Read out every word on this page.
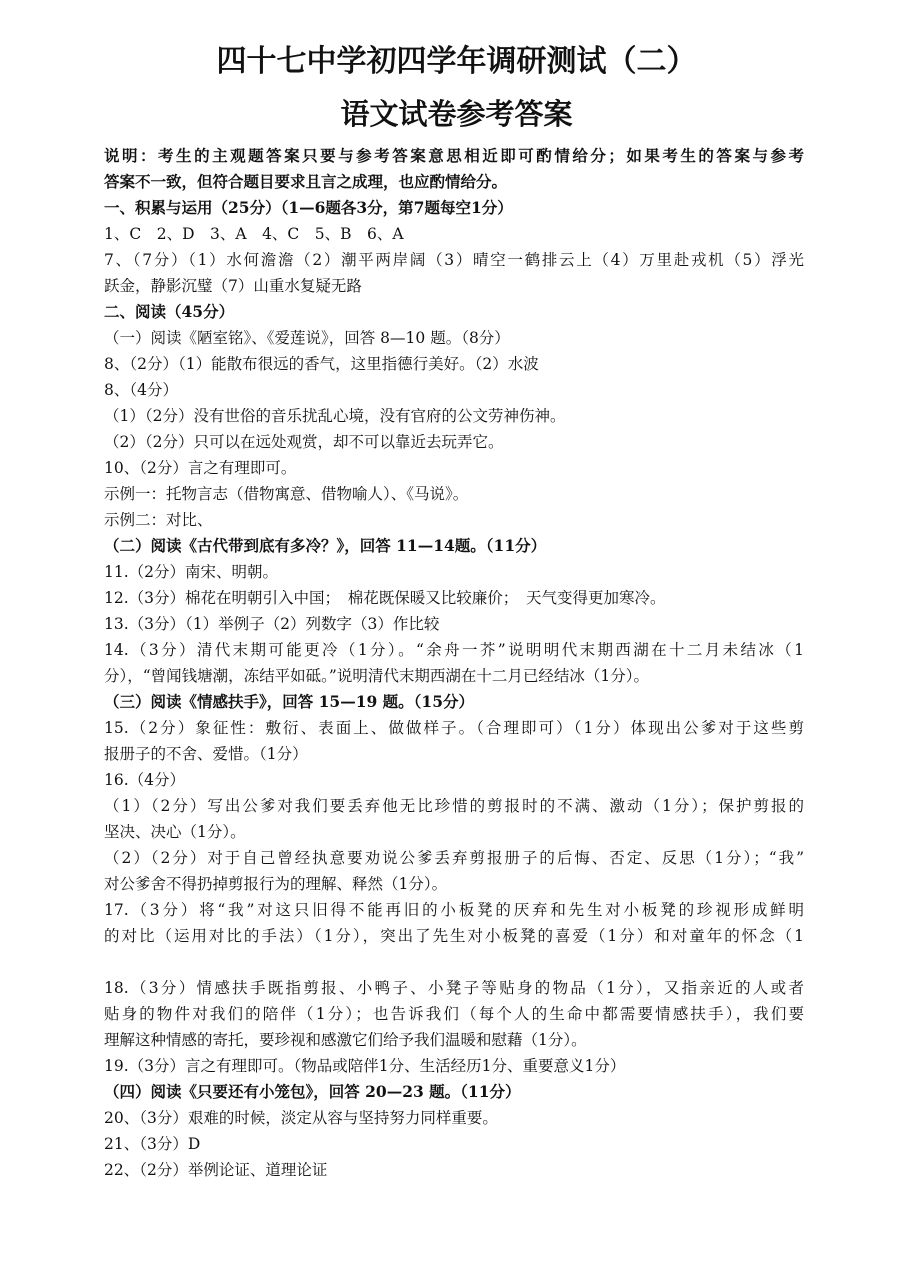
四十七中学初四学年调研测试（二）
语文试卷参考答案
说明：考生的主观题答案只要与参考答案意思相近即可酌情给分；如果考生的答案与参考
答案不一致，但符合题目要求且言之成理，也应酌情给分。
一、积累与运用（25分）（1—6题各3分，第7题每空1分）
1、C　2、D　3、A　4、C　5、B　6、A
7、（7分）（1）水何澹澹（2）潮平两岸阔（3）晴空一鹤排云上（4）万里赴戎机（5）浮光
跃金，静影沉璧（7）山重水复疑无路
二、阅读（45分）
（一）阅读《陋室铭》、《爱莲说》，回答 8—10 题。（8分）
8、（2分）（1）能散布很远的香气，这里指德行美好。（2）水波
8、（4分）
（1）（2分）没有世俗的音乐扰乱心境，没有官府的公文劳神伤神。
（2）（2分）只可以在远处观赏，却不可以靠近去玩弄它。
10、（2分）言之有理即可。
示例一：托物言志（借物寓意、借物喻人）、《马说》。
示例二：对比、
（二）阅读《古代带到底有多冷？》，回答 11—14题。（11分）
11.（2分）南宋、明朝。
12.（3分）棉花在明朝引入中国；　棉花既保暖又比较廉价；　天气变得更加寒冷。
13.（3分）（1）举例子（2）列数字（3）作比较
14.（3分）清代末期可能更冷（1分）。“余舟一芥”说明明代末期西湖在十二月未结冰（1
分），“曾闻钱塘潮，冻结平如砥。”说明清代末期西湖在十二月已经结冰（1分）。
（三）阅读《情感扶手》，回答 15—19 题。（15分）
15.（2分）象征性：敷衍、表面上、做做样子。（合理即可）（1分）体现出公爹对于这些剪
报册子的不舍、爱惜。（1分）
16.（4分）
（1）（2分）写出公爹对我们要丢弃他无比珍惜的剪报时的不满、激动（1分）；保护剪报的
坚决、决心（1分）。
（2）（2分）对于自己曾经执意要劝说公爹丢弃剪报册子的后悔、否定、反思（1分）；“我”
对公爹舍不得扔掉剪报行为的理解、释然（1分）。
17.（3分）将“我”对这只旧得不能再旧的小板凳的厌弃和先生对小板凳的珍视形成鲜明
的对比（运用对比的手法）（1分），突出了先生对小板凳的喜爱（1分）和对童年的怀念（1
18.（3分）情感扶手既指剪报、小鸭子、小凳子等贴身的物品（1分），又指亲近的人或者
贴身的物件对我们的陪伴（1分）；也告诉我们（每个人的生命中都需要情感扶手），我们要
理解这种情感的寄托，要珍视和感激它们给予我们温暖和慰藉（1分）。
19.（3分）言之有理即可。（物品或陪伴1分、生活经历1分、重要意义1分）
（四）阅读《只要还有小笼包》，回答 20—23 题。（11分）
20、（3分）艰难的时候，淡定从容与坚持努力同样重要。
21、（3分）D
22、（2分）举例论证、道理论证
